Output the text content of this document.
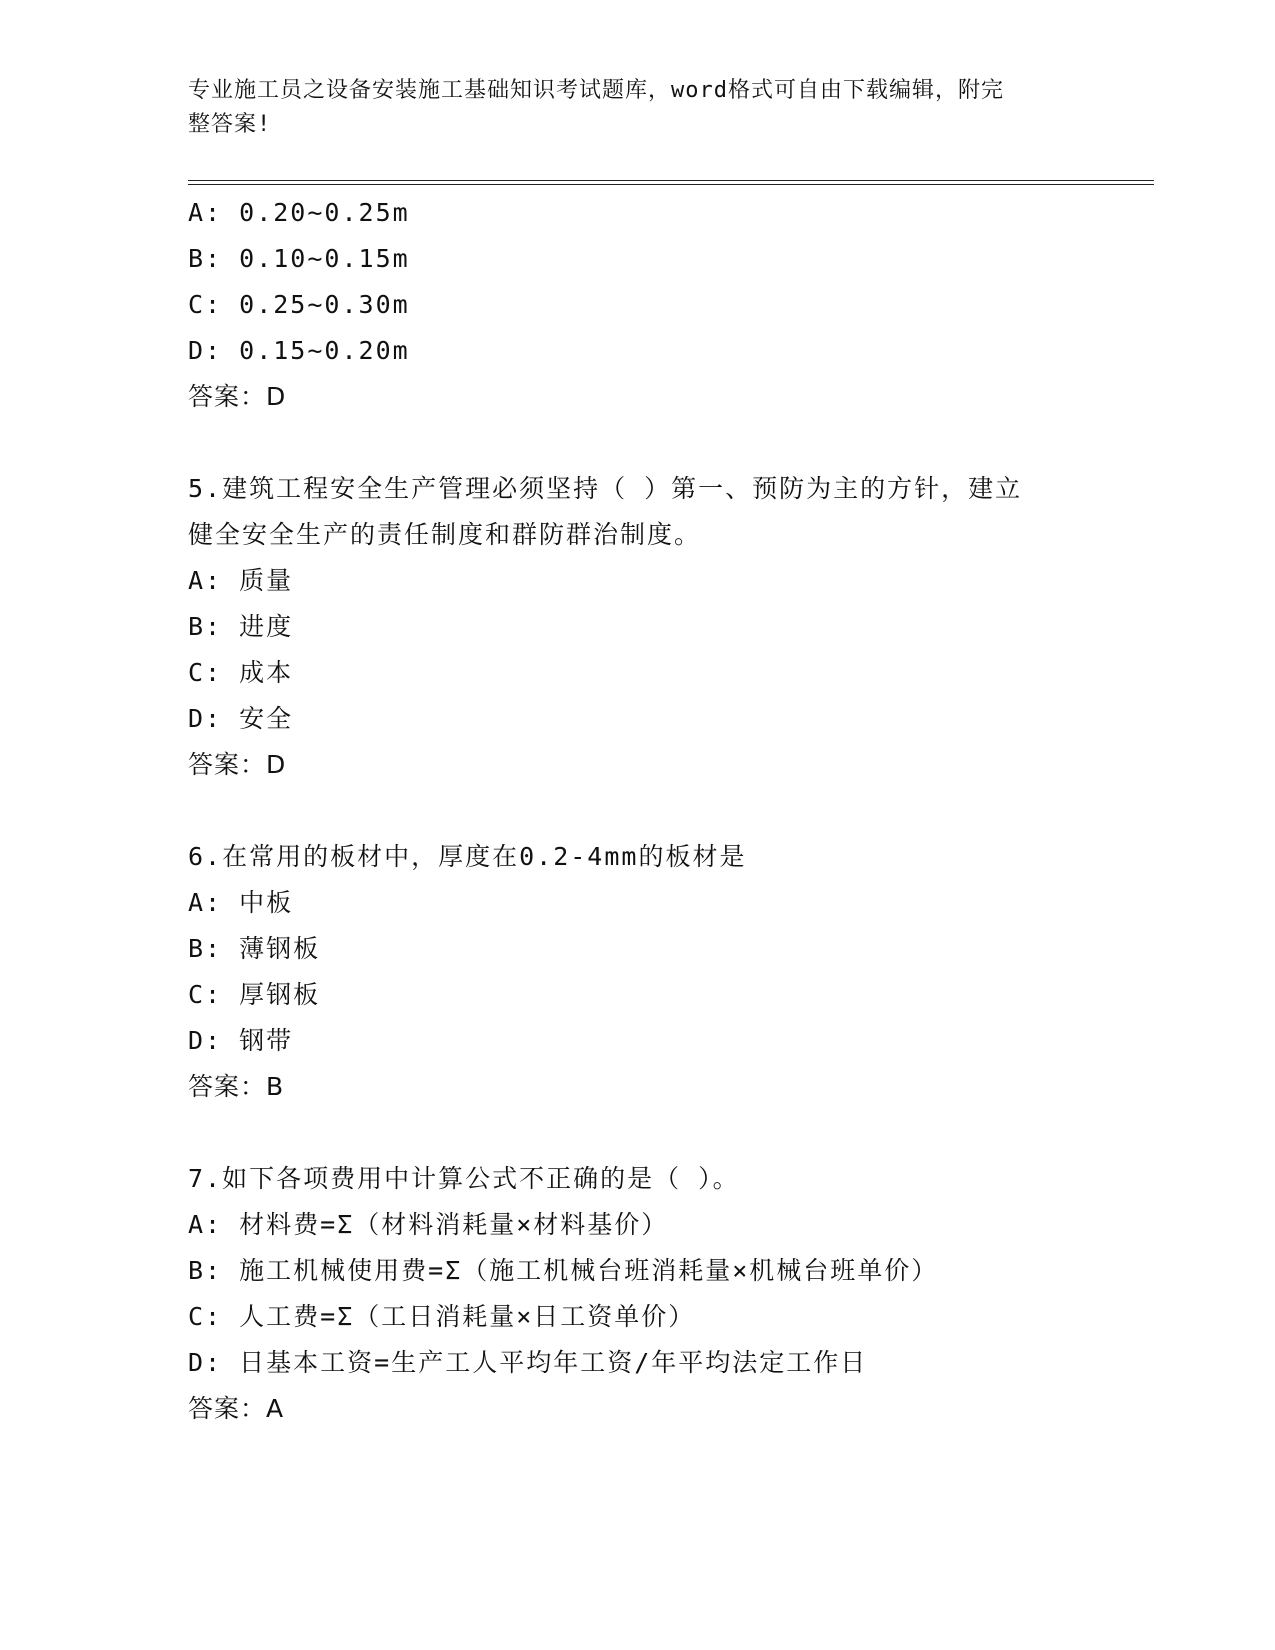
专业施工员之设备安装施工基础知识考试题库，word格式可自由下载编辑，附完
整答案!
A: 0.20~0.25m
B: 0.10~0.15m
C: 0.25~0.30m
D: 0.15~0.20m
答案：D
5.建筑工程安全生产管理必须坚持（ ）第一、预防为主的方针，建立
健全安全生产的责任制度和群防群治制度。
A: 质量
B: 进度
C: 成本
D: 安全
答案：D
6.在常用的板材中，厚度在0.2-4mm的板材是
A: 中板
B: 薄钢板
C: 厚钢板
D: 钢带
答案：B
7.如下各项费用中计算公式不正确的是（ ）。
A: 材料费=Σ（材料消耗量×材料基价）
B: 施工机械使用费=Σ（施工机械台班消耗量×机械台班单价）
C: 人工费=Σ（工日消耗量×日工资单价）
D: 日基本工资=生产工人平均年工资/年平均法定工作日
答案：A
